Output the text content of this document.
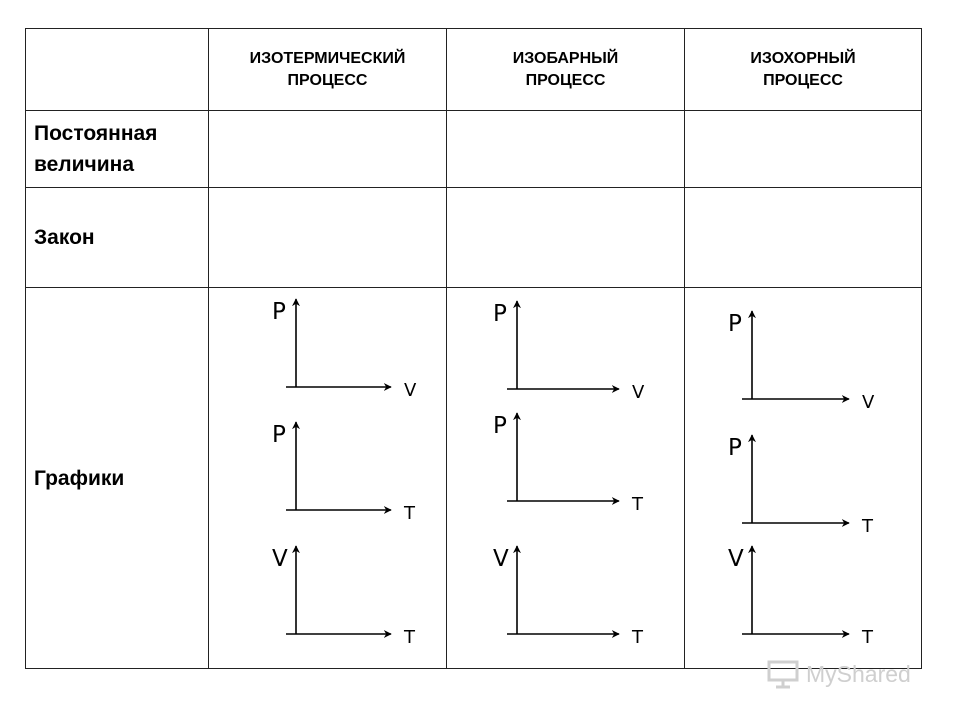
ИЗОТЕРМИЧЕСКИЙ
ПРОЦЕСС
ИЗОБАРНЫЙ
ПРОЦЕСС
ИЗОХОРНЫЙ
ПРОЦЕСС
Постоянная
величина
Закон
Графики
P
V
P
T
V
T
P
V
P
T
V
T
P
V
P
T
V
T
MyShared
